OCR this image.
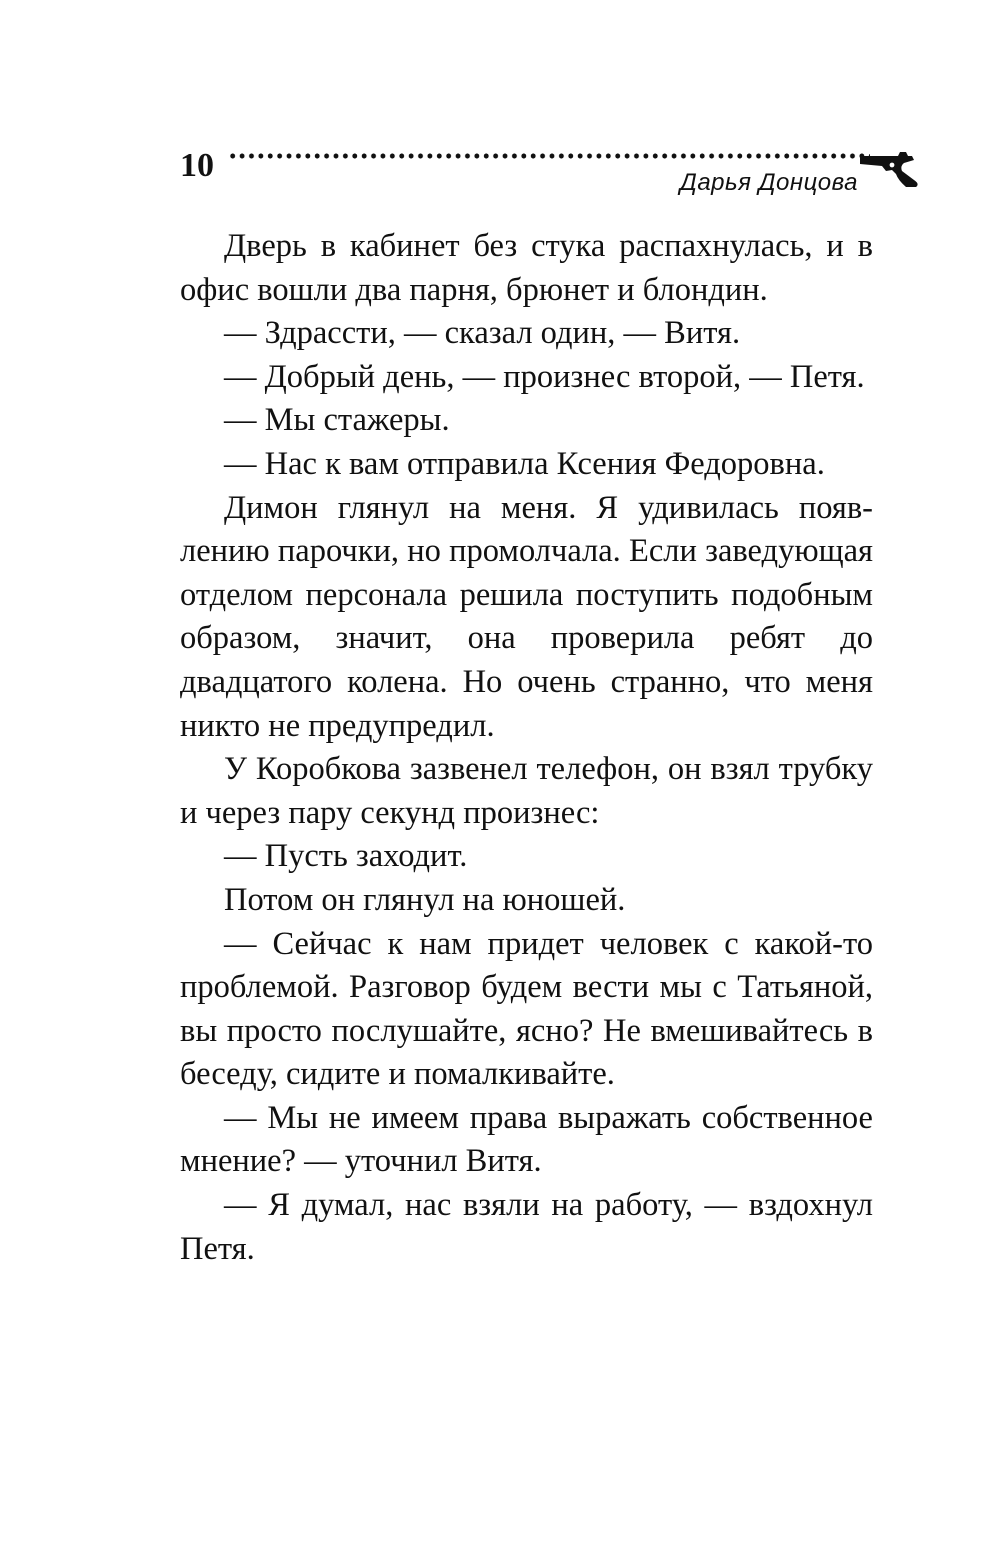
10	Дарья Донцова

Дверь в кабинет без стука распахнулась, и в офис вошли два парня, брюнет и блондин.

— Здрасcти, — сказал один, — Витя.

— Добрый день, — произнес второй, — Петя.

— Мы стажеры.

— Нас к вам отправила Ксения Федоровна.

Димон глянул на меня. Я удивилась появлению парочки, но промолчала. Если заведующая отделом персонала решила поступить подобным образом, значит, она проверила ребят до двадцатого колена. Но очень странно, что меня никто не предупредил.

У Коробкова зазвенел телефон, он взял трубку и через пару секунд произнес:

— Пусть заходит.

Потом он глянул на юношей.

— Сейчас к нам придет человек с какой-то проблемой. Разговор будем вести мы с Татьяной, вы просто послушайте, ясно? Не вмешивайтесь в беседу, сидите и помалкивайте.

— Мы не имеем права выражать собственное мнение? — уточнил Витя.

— Я думал, нас взяли на работу, — вздохнул Петя.
